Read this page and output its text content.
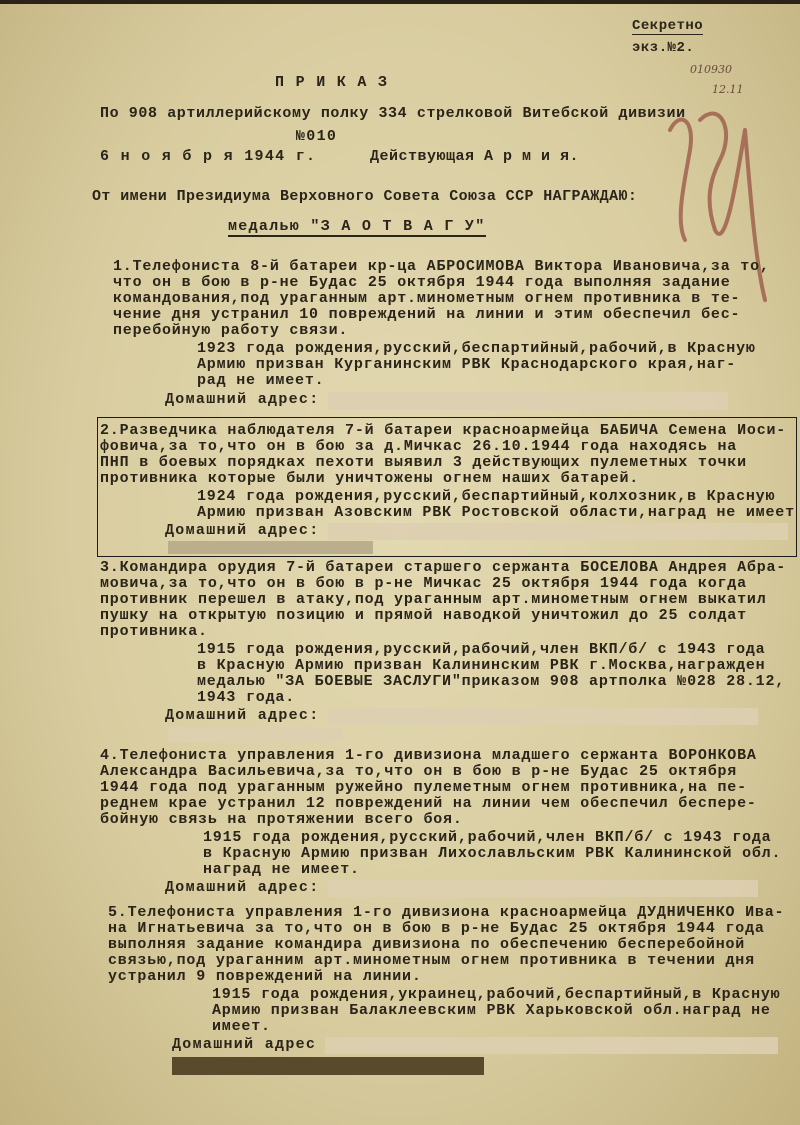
Секретно
экз.№2.
010930
12.11
П Р И К А З
По 908 артиллерийскому полку 334 стрелковой Витебской дивизии
№010
6 н о я б р я 1944 г.	Действующая А р м и я.
От имени Президиума Верховного Совета Союза ССР НАГРАЖДАЮ:
медалью "З А О Т В А Г У"
1.Телефониста 8-й батареи кр-ца АБРОСИМОВА Виктора Ивановича,за то,
что он в бою в р-не Будас 25 октября 1944 года выполняя задание
командования,под ураганным арт.минометным огнем противника в те-
чение дня устранил 10 повреждений на линии и этим обеспечил бес-
перебойную работу связи.
1923 года рождения,русский,беспартийный,рабочий,в Красную
Армию призван Курганинским РВК Краснодарского края,наг-
рад не имеет.
Домашний адрес:
2.Разведчика наблюдателя 7-й батареи красноармейца БАБИЧА Семена Иоси-
фовича,за то,что он в бою за д.Мичкас 26.10.1944 года находясь на
ПНП в боевых порядках пехоти выявил 3 действующих пулеметных точки
противника которые были уничтожены огнем наших батарей.
1924 года рождения,русский,беспартийный,колхозник,в Красную
Армию призван Азовским РВК Ростовской области,наград не имеет
Домашний адрес:
3.Командира орудия 7-й батареи старшего сержанта БОСЕЛОВА Андрея Абра-
мовича,за то,что он в бою в р-не Мичкас 25 октября 1944 года когда
противник перешел в атаку,под ураганным арт.минометным огнем выкатил
пушку на открытую позицию и прямой наводкой уничтожил до 25 солдат
противника.
1915 года рождения,русский,рабочий,член ВКП/б/ с 1943 года
в Красную Армию призван Калининским РВК г.Москва,награжден
медалью "ЗА БОЕВЫЕ ЗАСЛУГИ"приказом 908 артполка №028 28.12,
1943 года.
Домашний адрес:
4.Телефониста управления 1-го дивизиона младшего сержанта ВОРОНКОВА
Александра Васильевича,за то,что он в бою в р-не Будас 25 октября
1944 года под ураганным ружейно пулеметным огнем противника,на пе-
реднем крае устранил 12 повреждений на линии чем обеспечил беспере-
бойную связь на протяжении всего боя.
1915 года рождения,русский,рабочий,член ВКП/б/ с 1943 года
в Красную Армию призван Лихославльским РВК Калининской обл.
наград не имеет.
Домашний адрес:
5.Телефониста управления 1-го дивизиона красноармейца ДУДНИЧЕНКО Ива-
на Игнатьевича за то,что он в бою в р-не Будас 25 октября 1944 года
выполняя задание командира дивизиона по обеспечению бесперебойной
связью,под ураганним арт.минометным огнем противника в течении дня
устранил 9 повреждений на линии.
1915 года рождения,украинец,рабочий,беспартийный,в Красную
Армию призван Балаклеевским РВК Харьковской обл.наград не
имеет.
Домашний адрес
